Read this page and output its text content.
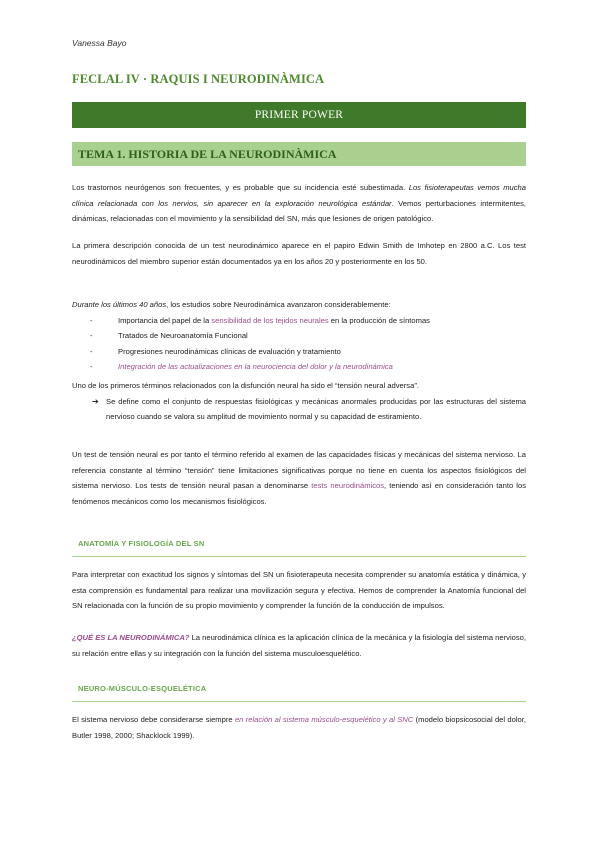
Vanessa Bayo
FECLAL IV · RAQUIS I NEURODINÀMICA
PRIMER POWER
TEMA 1. HISTORIA DE LA NEURODINÀMICA
Los trastornos neurógenos son frecuentes, y es probable que su incidencia esté subestimada. Los fisioterapeutas vemos mucha clínica relacionada con los nervios, sin aparecer en la exploración neurológica estándar. Vemos perturbaciones intermitentes, dinámicas, relacionadas con el movimiento y la sensibilidad del SN, más que lesiones de origen patológico.
La primera descripción conocida de un test neurodinámico aparece en el papiro Edwin Smith de Imhotep en 2800 a.C. Los test neurodinámicos del miembro superior están documentados ya en los años 20 y posteriormente en los 50.
Durante los últimos 40 años, los estudios sobre Neurodinámica avanzaron considerablemente:
-	Importancia del papel de la sensibilidad de los tejidos neurales en la producción de síntomas
-	Tratados de Neuroanatomía Funcional
-	Progresiones neurodinámicas clínicas de evaluación y tratamiento
-	Integración de las actualizaciones en la neurociencia del dolor y la neurodinámica
Uno de los primeros términos relacionados con la disfunción neural ha sido el “tensión neural adversa”.
➔ Se define como el conjunto de respuestas fisiológicas y mecánicas anormales producidas por las estructuras del sistema nervioso cuando se valora su amplitud de movimiento normal y su capacidad de estiramiento.
Un test de tensión neural es por tanto el término referido al examen de las capacidades físicas y mecánicas del sistema nervioso. La referencia constante al término “tensión” tiene limitaciones significativas porque no tiene en cuenta los aspectos fisiológicos del sistema nervioso. Los tests de tensión neural pasan a denominarse tests neurodinámicos, teniendo así en consideración tanto los fenómenos mecánicos como los mecanismos fisiológicos.
ANATOMÍA Y FISIOLOGÍA DEL SN
Para interpretar con exactitud los signos y síntomas del SN un fisioterapeuta necesita comprender su anatomía estática y dinámica, y esta comprensión es fundamental para realizar una movilización segura y efectiva. Hemos de comprender la Anatomía funcional del SN relacionada con la función de su propio movimiento y comprender la función de la conducción de impulsos.
¿QUÉ ES LA NEURODINÁMICA? La neurodinámica clínica es la aplicación clínica de la mecánica y la fisiología del sistema nervioso, su relación entre ellas y su integración con la función del sistema musculoesquelético.
NEURO-MÚSCULO-ESQUELÉTICA
El sistema nervioso debe considerarse siempre en relación al sistema músculo-esquelético y al SNC (modelo biopsicosocial del dolor, Butler 1998, 2000; Shacklock 1999).
